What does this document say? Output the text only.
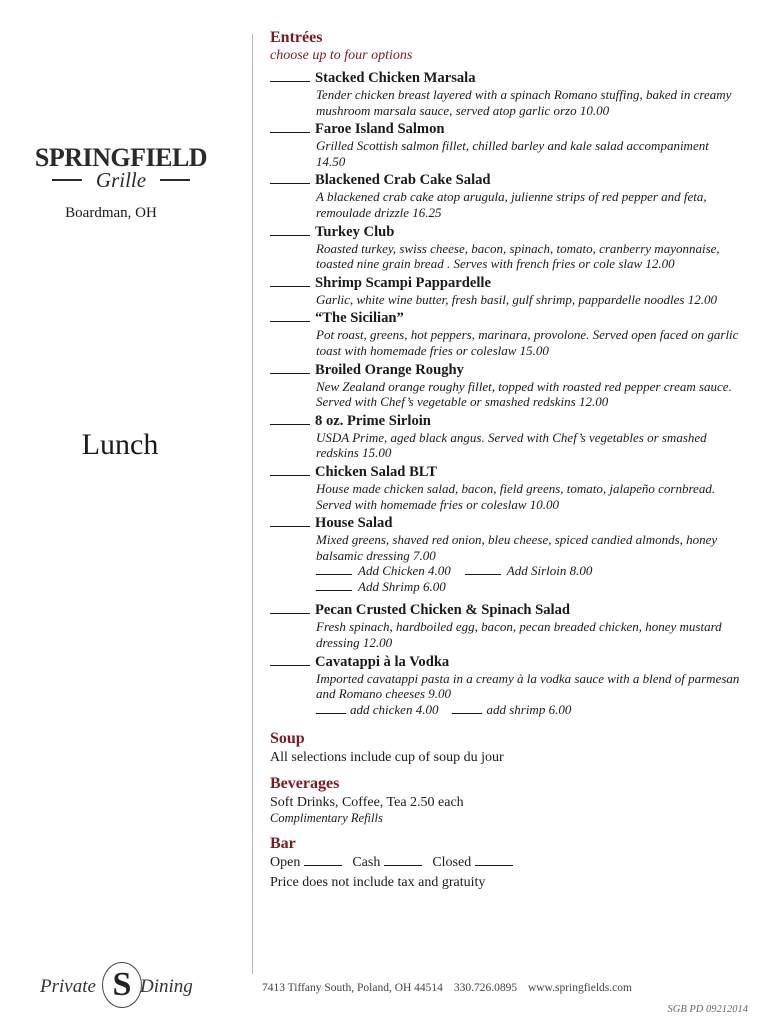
SPRINGFIELD
Grille
Boardman, OH
Lunch
Private S Dining
Entrées
choose up to four options
Stacked Chicken Marsala
Tender chicken breast layered with a spinach Romano stuffing, baked in creamy mushroom marsala sauce, served atop garlic orzo 10.00
Faroe Island Salmon
Grilled Scottish salmon fillet, chilled barley and kale salad accompaniment 14.50
Blackened Crab Cake Salad
A blackened crab cake atop arugula, julienne strips of red pepper and feta, remoulade drizzle 16.25
Turkey Club
Roasted turkey, swiss cheese, bacon, spinach, tomato, cranberry mayonnaise, toasted nine grain bread . Serves with french fries or cole slaw 12.00
Shrimp Scampi Pappardelle
Garlic, white wine butter, fresh basil, gulf shrimp, pappardelle noodles 12.00
“The Sicilian”
Pot roast, greens, hot peppers, marinara, provolone. Served open faced on garlic toast with homemade fries or coleslaw 15.00
Broiled Orange Roughy
New Zealand orange roughy fillet, topped with roasted red pepper cream sauce. Served with Chef’s vegetable or smashed redskins 12.00
8 oz. Prime Sirloin
USDA Prime, aged black angus. Served with Chef’s vegetables or smashed redskins 15.00
Chicken Salad BLT
House made chicken salad, bacon, field greens, tomato, jalapeño cornbread. Served with homemade fries or coleslaw 10.00
House Salad
Mixed greens, shaved red onion, bleu cheese, spiced candied almonds, honey balsamic dressing 7.00
Add Chicken 4.00	Add Sirloin 8.00
Add Shrimp 6.00
Pecan Crusted Chicken & Spinach Salad
Fresh spinach, hardboiled egg, bacon, pecan breaded chicken, honey mustard dressing 12.00
Cavatappi à la Vodka
Imported cavatappi pasta in a creamy à la vodka sauce with a blend of parmesan and Romano cheeses 9.00
add chicken 4.00	add shrimp 6.00
Soup
All selections include cup of soup du jour
Beverages
Soft Drinks, Coffee, Tea 2.50 each
Complimentary Refills
Bar
Open	Cash	Closed
Price does not include tax and gratuity
7413 Tiffany South, Poland, OH 44514 330.726.0895 www.springfields.com
SGB PD 09212014
